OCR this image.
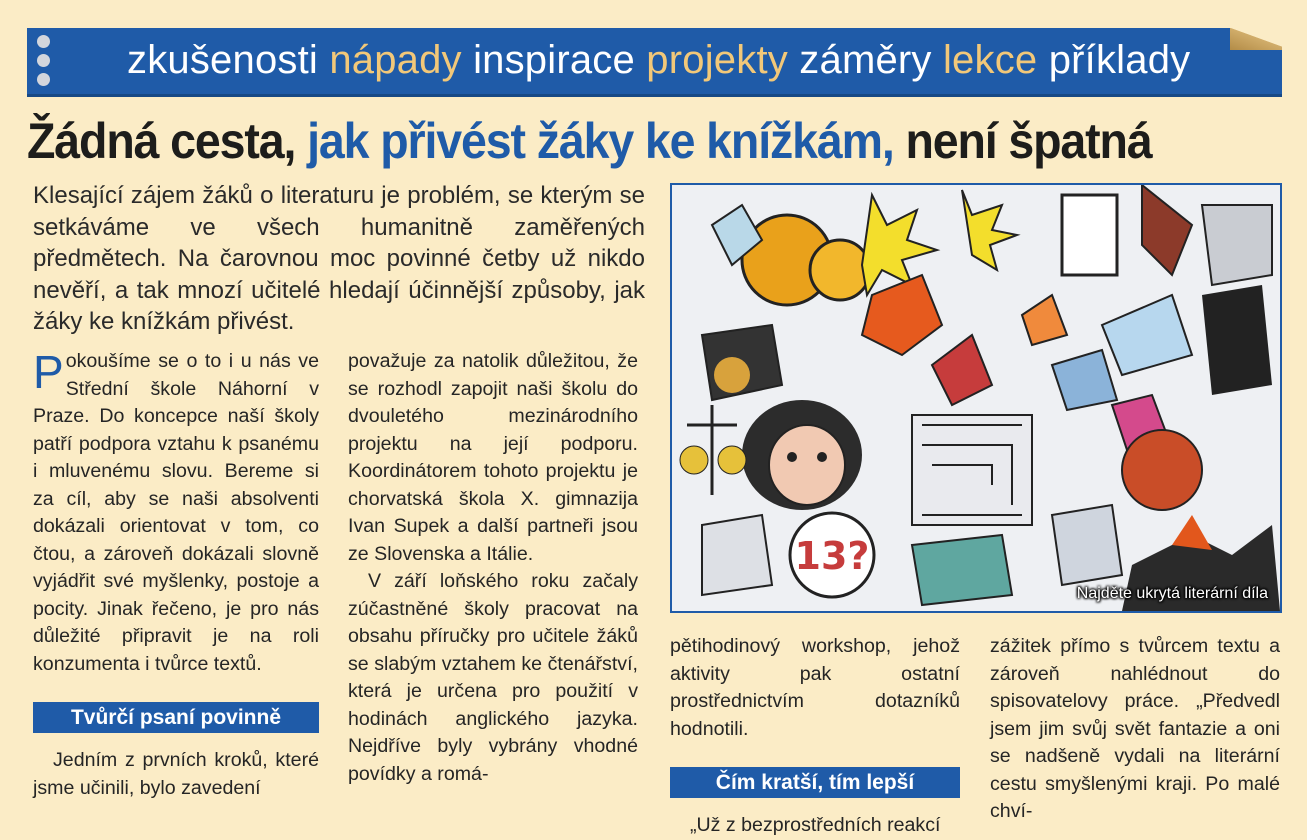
zkušenosti nápady inspirace projekty záměry lekce příklady
Žádná cesta, jak přivést žáky ke knížkám, není špatná
Klesající zájem žáků o literaturu je problém, se kterým se setkáváme ve všech humanitně zaměřených předmětech. Na čarovnou moc povinné četby už nikdo nevěří, a tak mnozí učitelé hledají účinnější způsoby, jak žáky ke knížkám přivést.

Pokoušíme se o to i u nás ve Střední škole Náhorní v Praze. Do koncepce naší školy patří podpora vztahu k psanému i mluvenému slovu. Bereme si za cíl, aby se naši absolventi dokázali orientovat v tom, co čtou, a zároveň dokázali slovně vyjádřit své myšlenky, postoje a pocity. Jinak řečeno, je pro nás důležité připravit je na roli konzumenta i tvůrce textů.

Tvůrčí psaní povinně

Jedním z prvních kroků, které jsme učinili, bylo zavedení

považuje za natolik důležitou, že se rozhodl zapojit naši školu do dvouletého mezinárodního projektu na její podporu. Koordinátorem tohoto projektu je chorvatská škola X. gimnazija Ivan Supek a další partneři jsou ze Slovenska a Itálie.

V září loňského roku začaly zúčastněné školy pracovat na obsahu příručky pro učitele žáků se slabým vztahem ke čtenářství, která je určena pro použití v hodinách anglického jazyka. Nejdříve byly vybrány vhodné povídky a romá-

13?
Najděte ukrytá literární díla

pětihodinový workshop, jehož aktivity pak ostatní prostřednictvím dotazníků hodnotili.

Čím kratší, tím lepší

„Už z bezprostředních reakcí

zážitek přímo s tvůrcem textu a zároveň nahlédnout do spisovatelovy práce. „Předvedl jsem jim svůj svět fantazie a oni se nadšeně vydali na literární cestu smyšlenými kraji. Po malé chví-
